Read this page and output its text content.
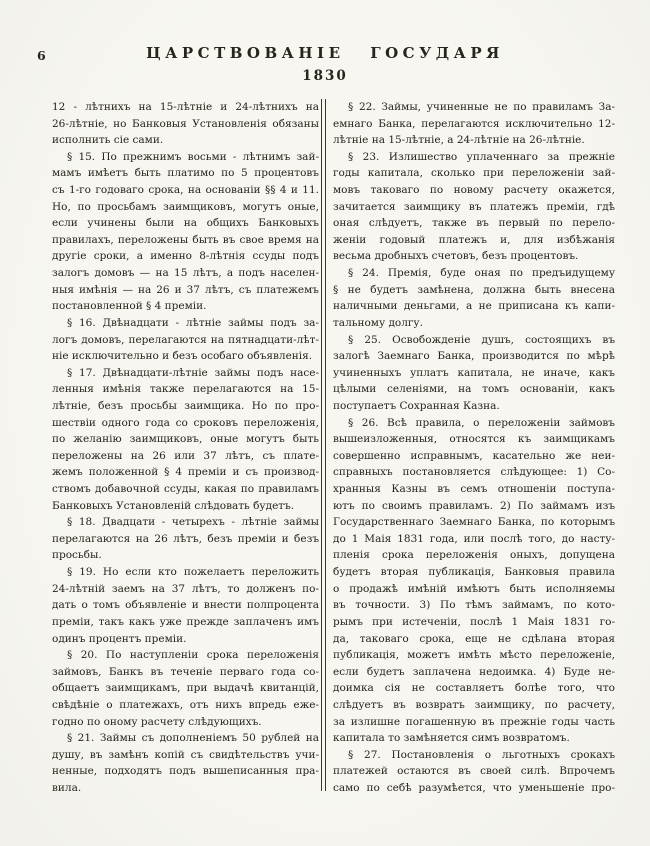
6	ЦАРСТВОВАНІЕ ГОСУДАРЯ
1830
12 - лѣтнихъ на 15-лѣтніе и 24-лѣтнихъ на
26-лѣтніе, но Банковыя Установленія обязаны
исполнить сіе сами.
§ 15. По прежнимъ восьми - лѣтнимъ зай-
мамъ имѣетъ быть платимо по 5 процентовъ
съ 1-го годоваго срока, на основаніи §§ 4 и 11.
Но, по просьбамъ заимщиковъ, могутъ оные,
если учинены были на общихъ Банковыхъ
правилахъ, переложены быть въ свое время на
другіе сроки, а именно 8-лѣтнія ссуды подъ
залогъ домовъ — на 15 лѣтъ, а подъ населен-
ныя имѣнія — на 26 и 37 лѣтъ, съ платежемъ
постановленной § 4 преміи.
§ 16. Двѣнадцати - лѣтніе займы подъ за-
логъ домовъ, перелагаются на пятнадцати-лѣт-
ніе исключительно и безъ особаго объявленія.
§ 17. Двѣнадцати-лѣтніе займы подъ насе-
ленныя имѣнія также перелагаются на 15-
лѣтніе, безъ просьбы заимщика. Но по про-
шествіи одного года со сроковъ переложенія,
по желанію заимщиковъ, оные могутъ быть
переложены на 26 или 37 лѣтъ, съ плате-
жемъ положенной § 4 преміи и съ производ-
ствомъ добавочной ссуды, какая по правиламъ
Банковыхъ Установленій слѣдовать будетъ.
§ 18. Двадцати - четырехъ - лѣтніе займы
перелагаются на 26 лѣтъ, безъ преміи и безъ
просьбы.
§ 19. Но если кто пожелаетъ переложить
24-лѣтній заемъ на 37 лѣтъ, то долженъ по-
дать о томъ объявленіе и внести полпроцента
преміи, такъ какъ уже прежде заплаченъ имъ
одинъ процентъ преміи.
§ 20. По наступленіи срока переложенія
займовъ, Банкъ въ теченіе перваго года со-
общаетъ заимщикамъ, при выдачѣ квитанцій,
свѣдѣніе о платежахъ, отъ нихъ впредь еже-
годно по оному расчету слѣдующихъ.
§ 21. Займы съ дополненіемъ 50 рублей на
душу, въ замѣнъ копій съ свидѣтельствъ учи-
ненные, подходятъ подъ вышеписанныя пра-
вила.
§ 22. Займы, учиненные не по правиламъ За-
емнаго Банка, перелагаются исключительно 12-
лѣтніе на 15-лѣтніе, а 24-лѣтніе на 26-лѣтніе.
§ 23. Излишество уплаченнаго за прежніе
годы капитала, сколько при переложеніи зай-
мовъ таковаго по новому расчету окажется,
зачитается заимщику въ платежъ преміи, гдѣ
оная слѣдуетъ, также въ первый по перело-
женіи годовый платежъ и, для избѣжанія
весьма дробныхъ счетовъ, безъ процентовъ.
§ 24. Премія, буде оная по предъидущему
§ не будетъ замѣнена, должна быть внесена
наличными деньгами, а не приписана къ капи-
тальному долгу.
§ 25. Освобожденіе душъ, состоящихъ въ
залогѣ Заемнаго Банка, производится по мѣрѣ
учиненныхъ уплатъ капитала, не иначе, какъ
цѣлыми селеніями, на томъ основаніи, какъ
поступаетъ Сохранная Казна.
§ 26. Всѣ правила, о переложеніи займовъ
вышеизложенныя, относятся къ заимщикамъ
совершенно исправнымъ, касательно же неи-
справныхъ постановляется слѣдующее: 1) Со-
хранныя Казны въ семъ отношеніи поступа-
ютъ по своимъ правиламъ. 2) По займамъ изъ
Государственнаго Заемнаго Банка, по которымъ
до 1 Маія 1831 года, или послѣ того, до насту-
пленія срока переложенія оныхъ, допущена
будетъ вторая публикація, Банковыя правила
о продажѣ имѣній имѣютъ быть исполняемы
въ точности. 3) По тѣмъ займамъ, по кото-
рымъ при истеченіи, послѣ 1 Маія 1831 го-
да, таковаго срока, еще не сдѣлана вторая
публикація, можетъ имѣть мѣсто переложеніе,
если будетъ заплачена недоимка. 4) Буде не-
доимка сія не составляетъ болѣе того, что
слѣдуетъ въ возвратъ заимщику, по расчету,
за излишне погашенную въ прежніе годы часть
капитала то замѣняется симъ возвратомъ.
§ 27. Постановленія о льготныхъ срокахъ
платежей остаются въ своей силѣ. Впрочемъ
само по себѣ разумѣется, что уменьшеніе про-
